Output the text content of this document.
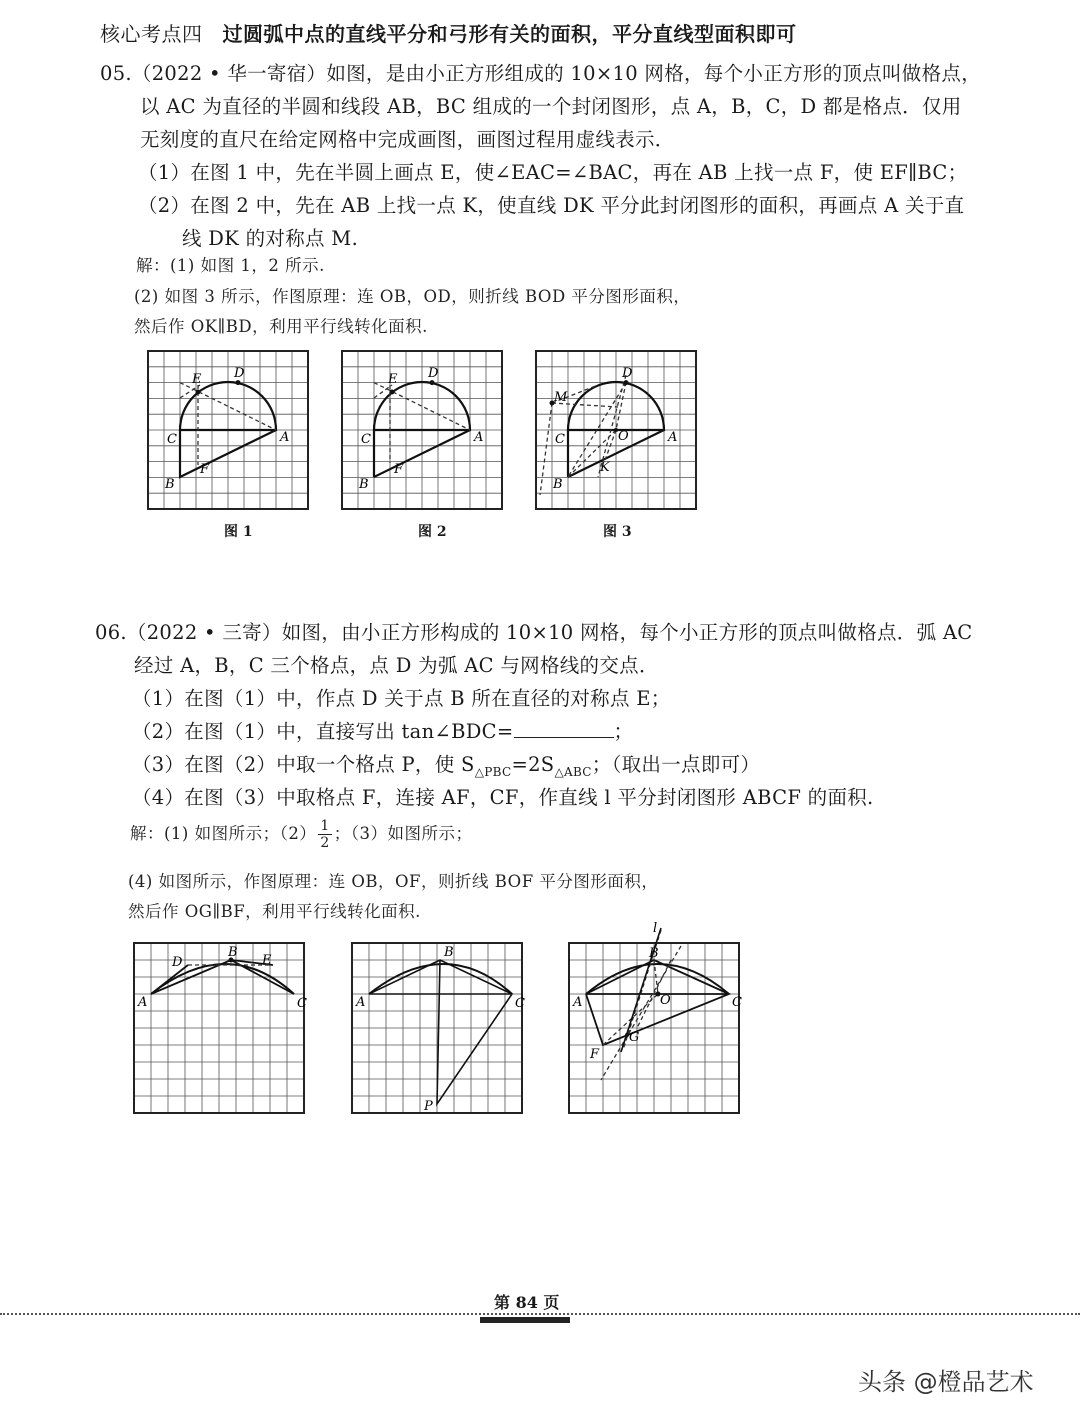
核心考点四 过圆弧中点的直线平分和弓形有关的面积，平分直线型面积即可
05.（2022 • 华一寄宿）如图，是由小正方形组成的 10×10 网格，每个小正方形的顶点叫做格点，
以 AC 为直径的半圆和线段 AB，BC 组成的一个封闭图形，点 A，B，C，D 都是格点．仅用
无刻度的直尺在给定网格中完成画图，画图过程用虚线表示．
（1）在图 1 中，先在半圆上画点 E，使∠EAC=∠BAC，再在 AB 上找一点 F，使 EF∥BC；
（2）在图 2 中，先在 AB 上找一点 K，使直线 DK 平分此封闭图形的面积，再画点 A 关于直
线 DK 的对称点 M.
解：(1) 如图 1，2 所示.
(2) 如图 3 所示，作图原理：连 OB，OD，则折线 BOD 平分图形面积，
然后作 OK∥BD，利用平行线转化面积.
E	D
C	A
B
F
图 1
E D
C	A
B
F
图 2
D
M
O
C	A
B
K
图 3
06.（2022 • 三寄）如图，由小正方形构成的 10×10 网格，每个小正方形的顶点叫做格点．弧 AC
经过 A，B，C 三个格点，点 D 为弧 AC 与网格线的交点．
（1）在图（1）中，作点 D 关于点 B 所在直径的对称点 E；
（2）在图（1）中，直接写出 tan∠BDC=	；
（3）在图（2）中取一个格点 P，使 $S_{\triangle PBC}=2S_{\triangle ABC}$；（取出一点即可）
（4）在图（3）中取格点 F，连接 AF，CF，作直线 l 平分封闭图形 ABCF 的面积.
解：(1) 如图所示；$(2) \frac{1}{2}$ ；（3）如图所示；
(4) 如图所示，作图原理：连 OB，OF，则折线 BOF 平分图形面积，
然后作 OG∥BF，利用平行线转化面积.
D
B
E
A	C
B
A	C
P
l
B
O
A	C
G
F
第 84 页
头条 @橙品艺术
